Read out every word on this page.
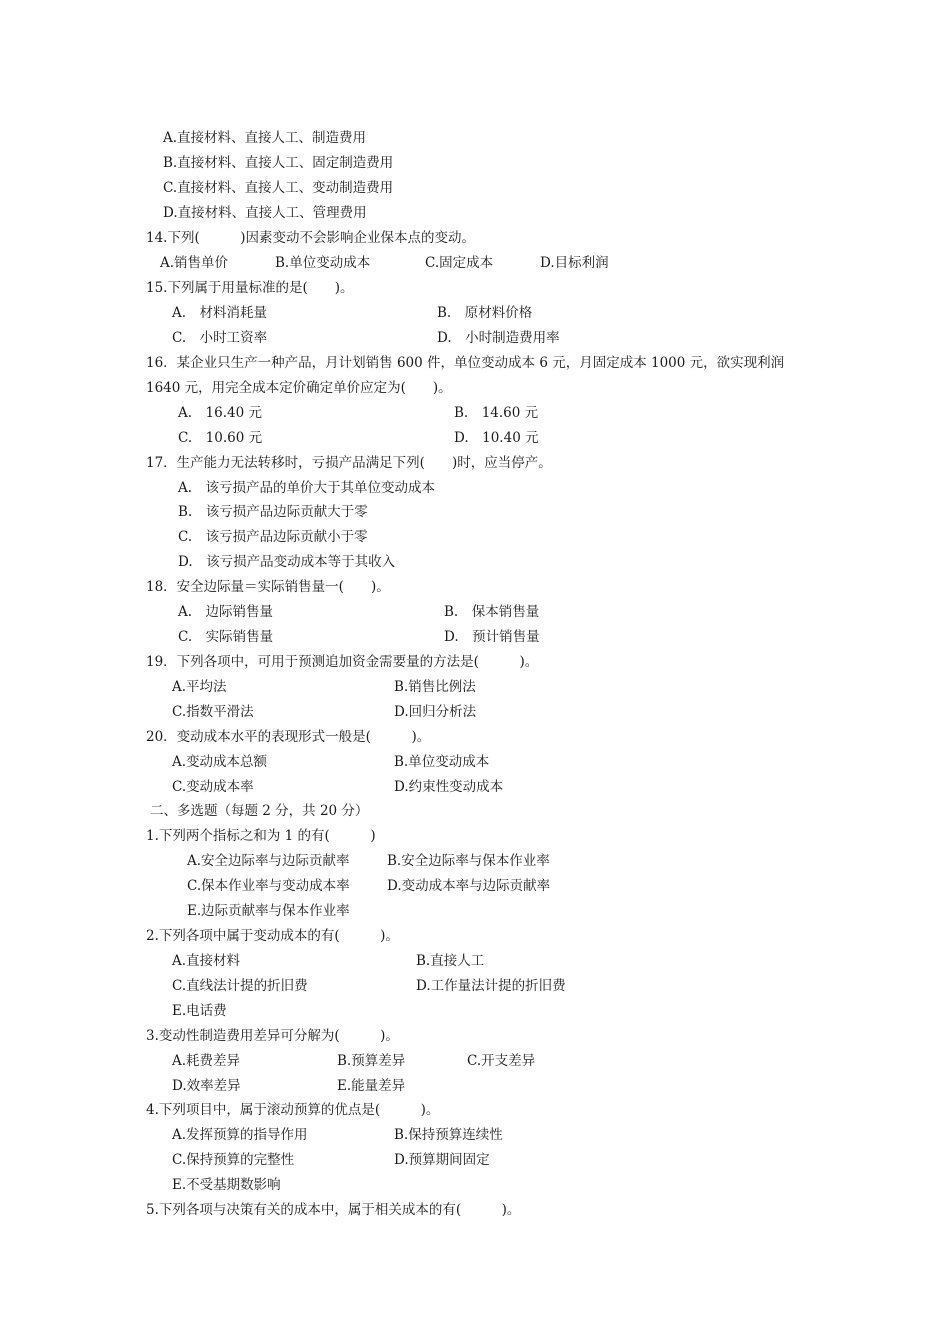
A.直接材料、直接人工、制造费用
B.直接材料、直接人工、固定制造费用
C.直接材料、直接人工、变动制造费用
D.直接材料、直接人工、管理费用
14.下列(　　　)因素变动不会影响企业保本点的变动。
A.销售单价	B.单位变动成本	C.固定成本	D.目标利润
15.下列属于用量标准的是(　　)。
A.　材料消耗量	B.　原材料价格
C.　小时工资率	D.　小时制造费用率
16．某企业只生产一种产品，月计划销售 600 件，单位变动成本 6 元，月固定成本 1000 元，欲实现利润
1640 元，用完全成本定价确定单价应定为(　　)。
A.　16.40 元	B.　14.60 元
C.　10.60 元	D.　10.40 元
17．生产能力无法转移时，亏损产品满足下列(　　)时，应当停产。
A.　该亏损产品的单价大于其单位变动成本
B.　该亏损产品边际贡献大于零
C.　该亏损产品边际贡献小于零
D.　该亏损产品变动成本等于其收入
18．安全边际量＝实际销售量一(　　)。
A.　边际销售量	B.　保本销售量
C.　实际销售量	D.　预计销售量
19．下列各项中，可用于预测追加资金需要量的方法是(　　　)。
A.平均法	B.销售比例法
C.指数平滑法	D.回归分析法
20．变动成本水平的表现形式一般是(　　　)。
A.变动成本总额	B.单位变动成本
C.变动成本率	D.约束性变动成本
二、多选题（每题 2 分，共 20 分）
1.下列两个指标之和为 1 的有(　　　)
A.安全边际率与边际贡献率	B.安全边际率与保本作业率
C.保本作业率与变动成本率	D.变动成本率与边际贡献率
E.边际贡献率与保本作业率
2.下列各项中属于变动成本的有(　　　)。
A.直接材料	B.直接人工
C.直线法计提的折旧费	D.工作量法计提的折旧费
E.电话费
3.变动性制造费用差异可分解为(　　　)。
A.耗费差异	B.预算差异	C.开支差异
D.效率差异	E.能量差异
4.下列项目中，属于滚动预算的优点是(　　　)。
A.发挥预算的指导作用	B.保持预算连续性
C.保持预算的完整性	D.预算期间固定
E.不受基期数影响
5.下列各项与决策有关的成本中，属于相关成本的有(　　　)。
